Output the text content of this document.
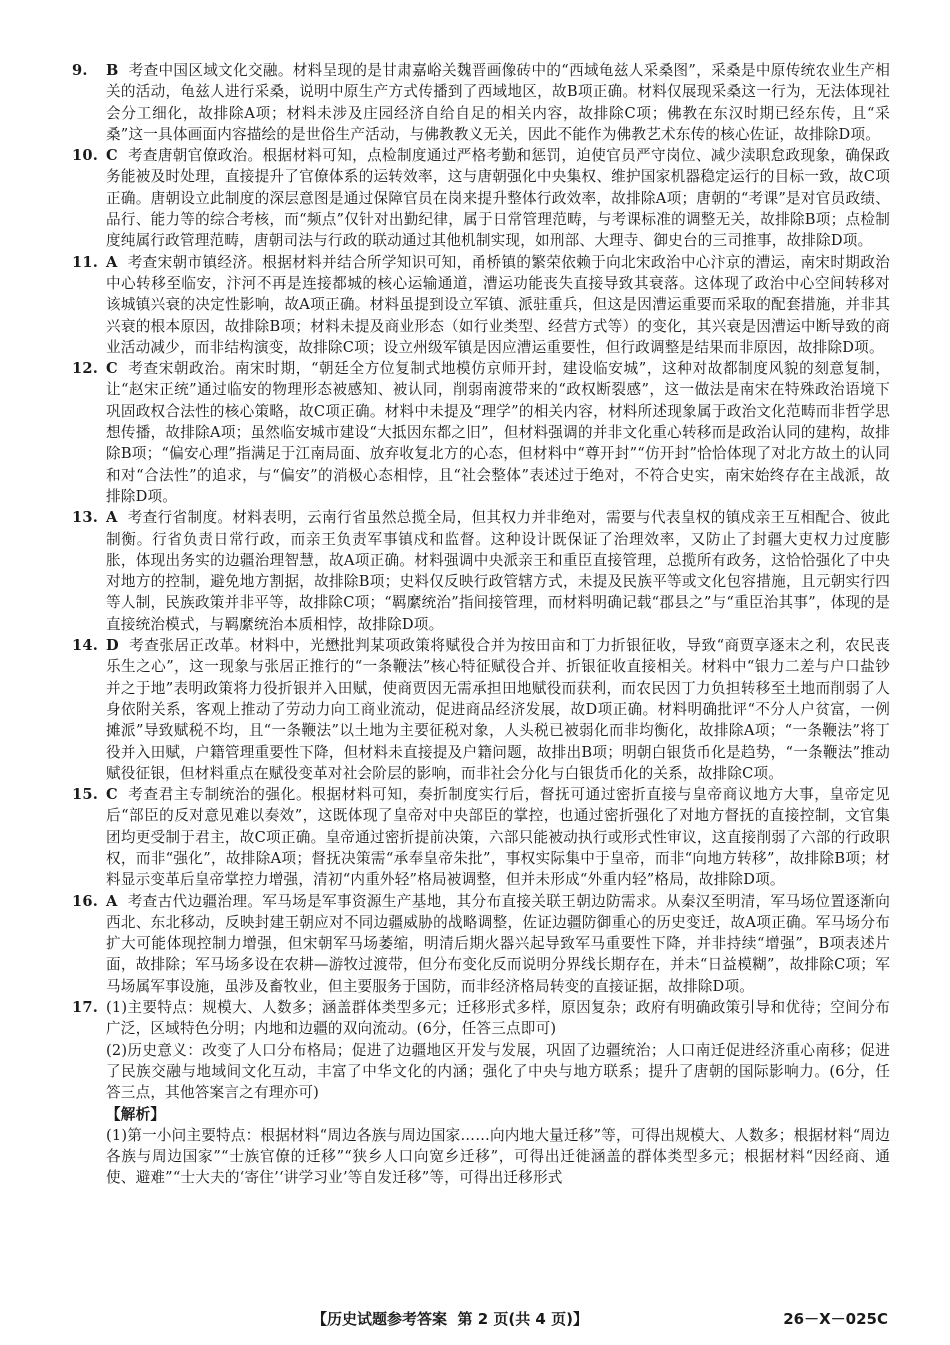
9. B 考查中国区域文化交融。材料呈现的是甘肃嘉峪关魏晋画像砖中的“西域龟兹人采桑图”，采桑是中原传统农业生产相关的活动，龟兹人进行采桑，说明中原生产方式传播到了西域地区，故B项正确。材料仅展现采桑这一行为，无法体现社会分工细化，故排除A项；材料未涉及庄园经济自给自足的相关内容，故排除C项；佛教在东汉时期已经东传，且“采桑”这一具体画面内容描绘的是世俗生产活动，与佛教教义无关，因此不能作为佛教艺术东传的核心佐证，故排除D项。
10. C 考查唐朝官僚政治。根据材料可知，点检制度通过严格考勤和惩罚，迫使官员严守岗位、减少渎职怠政现象，确保政务能被及时处理，直接提升了官僚体系的运转效率，这与唐朝强化中央集权、维护国家机器稳定运行的目标一致，故C项正确。唐朝设立此制度的深层意图是通过保障官员在岗来提升整体行政效率，故排除A项；唐朝的“考课”是对官员政绩、品行、能力等的综合考核，而“频点”仅针对出勤纪律，属于日常管理范畴，与考课标准的调整无关，故排除B项；点检制度纯属行政管理范畴，唐朝司法与行政的联动通过其他机制实现，如刑部、大理寺、御史台的三司推事，故排除D项。
11. A 考查宋朝市镇经济。根据材料并结合所学知识可知，甬桥镇的繁荣依赖于向北宋政治中心汴京的漕运，南宋时期政治中心转移至临安，汴河不再是连接都城的核心运输通道，漕运功能丧失直接导致其衰落。这体现了政治中心空间转移对该城镇兴衰的决定性影响，故A项正确。材料虽提到设立军镇、派驻重兵，但这是因漕运重要而采取的配套措施，并非其兴衰的根本原因，故排除B项；材料未提及商业形态（如行业类型、经营方式等）的变化，其兴衰是因漕运中断导致的商业活动减少，而非结构演变，故排除C项；设立州级军镇是因应漕运重要性，但行政调整是结果而非原因，故排除D项。
12. C 考查宋朝政治。南宋时期，“朝廷全方位复制式地模仿京师开封，建设临安城”，这种对故都制度风貌的刻意复制，让“赵宋正统”通过临安的物理形态被感知、被认同，削弱南渡带来的“政权断裂感”，这一做法是南宋在特殊政治语境下巩固政权合法性的核心策略，故C项正确。材料中未提及“理学”的相关内容，材料所述现象属于政治文化范畴而非哲学思想传播，故排除A项；虽然临安城市建设“大抵因东都之旧”，但材料强调的并非文化重心转移而是政治认同的建构，故排除B项；“偏安心理”指满足于江南局面、放弃收复北方的心态，但材料中“尊开封”“仿开封”恰恰体现了对北方故土的认同和对“合法性”的追求，与“偏安”的消极心态相悖，且“社会整体”表述过于绝对，不符合史实，南宋始终存在主战派，故排除D项。
13. A 考查行省制度。材料表明，云南行省虽然总揽全局，但其权力并非绝对，需要与代表皇权的镇戍亲王互相配合、彼此制衡。行省负责日常行政，而亲王负责军事镇戍和监督。这种设计既保证了治理效率，又防止了封疆大吏权力过度膨胀，体现出务实的边疆治理智慧，故A项正确。材料强调中央派亲王和重臣直接管理，总揽所有政务，这恰恰强化了中央对地方的控制，避免地方割据，故排除B项；史料仅反映行政管辖方式，未提及民族平等或文化包容措施，且元朝实行四等人制，民族政策并非平等，故排除C项；“羁縻统治”指间接管理，而材料明确记载“郡县之”与“重臣治其事”，体现的是直接统治模式，与羁縻统治本质相悖，故排除D项。
14. D 考查张居正改革。材料中，光懋批判某项政策将赋役合并为按田亩和丁力折银征收，导致“商贾享逐末之利，农民丧乐生之心”，这一现象与张居正推行的“一条鞭法”核心特征赋役合并、折银征收直接相关。材料中“银力二差与户口盐钞并之于地”表明政策将力役折银并入田赋，使商贾因无需承担田地赋役而获利，而农民因丁力负担转移至土地而削弱了人身依附关系，客观上推动了劳动力向工商业流动，促进商品经济发展，故D项正确。材料明确批评“不分人户贫富，一例摊派”导致赋税不均，且“一条鞭法”以土地为主要征税对象，人头税已被弱化而非均衡化，故排除A项；“一条鞭法”将丁役并入田赋，户籍管理重要性下降，但材料未直接提及户籍问题，故排出B项；明朝白银货币化是趋势，“一条鞭法”推动赋役征银，但材料重点在赋役变革对社会阶层的影响，而非社会分化与白银货币化的关系，故排除C项。
15. C 考查君主专制统治的强化。根据材料可知，奏折制度实行后，督抚可通过密折直接与皇帝商议地方大事，皇帝定见后“部臣的反对意见难以奏效”，这既体现了皇帝对中央部臣的掌控，也通过密折强化了对地方督抚的直接控制，文官集团均更受制于君主，故C项正确。皇帝通过密折提前决策，六部只能被动执行或形式性审议，这直接削弱了六部的行政职权，而非“强化”，故排除A项；督抚决策需“承奉皇帝朱批”，事权实际集中于皇帝，而非“向地方转移”，故排除B项；材料显示变革后皇帝掌控力增强，清初“内重外轻”格局被调整，但并未形成“外重内轻”格局，故排除D项。
16. A 考查古代边疆治理。军马场是军事资源生产基地，其分布直接关联王朝边防需求。从秦汉至明清，军马场位置逐渐向西北、东北移动，反映封建王朝应对不同边疆威胁的战略调整，佐证边疆防御重心的历史变迁，故A项正确。军马场分布扩大可能体现控制力增强，但宋朝军马场萎缩，明清后期火器兴起导致军马重要性下降，并非持续“增强”，B项表述片面，故排除；军马场多设在农耕—游牧过渡带，但分布变化反而说明分界线长期存在，并未“日益模糊”，故排除C项；军马场属军事设施，虽涉及畜牧业，但主要服务于国防，而非经济格局转变的直接证据，故排除D项。
17. (1)主要特点：规模大、人数多；涵盖群体类型多元；迁移形式多样，原因复杂；政府有明确政策引导和优待；空间分布广泛，区域特色分明；内地和边疆的双向流动。(6分，任答三点即可)
(2)历史意义：改变了人口分布格局；促进了边疆地区开发与发展，巩固了边疆统治；人口南迁促进经济重心南移；促进了民族交融与地域间文化互动，丰富了中华文化的内涵；强化了中央与地方联系；提升了唐朝的国际影响力。(6分，任答三点，其他答案言之有理亦可)
【解析】
(1)第一小问主要特点：根据材料“周边各族与周边国家……向内地大量迁移”等，可得出规模大、人数多；根据材料“周边各族与周边国家”“士族官僚的迁移”“狭乡人口向宽乡迁移”，可得出迁徙涵盖的群体类型多元；根据材料“因经商、通使、避难”“士大夫的‘寄住’‘讲学习业’等自发迁移”等，可得出迁移形式
【历史试题参考答案 第 2 页(共 4 页)】	26－X－025C
